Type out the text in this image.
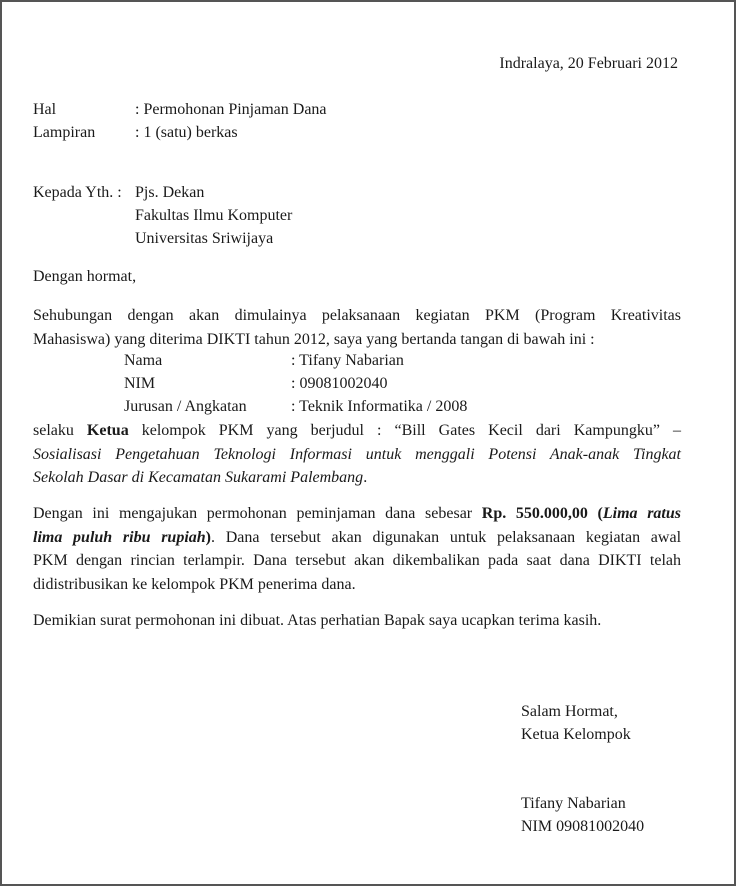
Indralaya, 20 Februari 2012
Hal	: Permohonan Pinjaman Dana
Lampiran : 1 (satu) berkas
Kepada Yth. : Pjs. Dekan
Fakultas Ilmu Komputer
Universitas Sriwijaya
Dengan hormat,
Sehubungan dengan akan dimulainya pelaksanaan kegiatan PKM (Program Kreativitas
Mahasiswa) yang diterima DIKTI tahun 2012, saya yang bertanda tangan di bawah ini :
Nama	: Tifany Nabarian
NIM	: 09081002040
Jurusan / Angkatan	: Teknik Informatika / 2008
selaku Ketua kelompok PKM yang berjudul : “Bill Gates Kecil dari Kampungku” –
Sosialisasi Pengetahuan Teknologi Informasi untuk menggali Potensi Anak-anak Tingkat
Sekolah Dasar di Kecamatan Sukarami Palembang.
Dengan ini mengajukan permohonan peminjaman dana sebesar Rp. 550.000,00 (Lima ratus
lima puluh ribu rupiah). Dana tersebut akan digunakan untuk pelaksanaan kegiatan awal
PKM dengan rincian terlampir. Dana tersebut akan dikembalikan pada saat dana DIKTI telah
didistribusikan ke kelompok PKM penerima dana.
Demikian surat permohonan ini dibuat. Atas perhatian Bapak saya ucapkan terima kasih.
Salam Hormat,
Ketua Kelompok
Tifany Nabarian
NIM 09081002040
